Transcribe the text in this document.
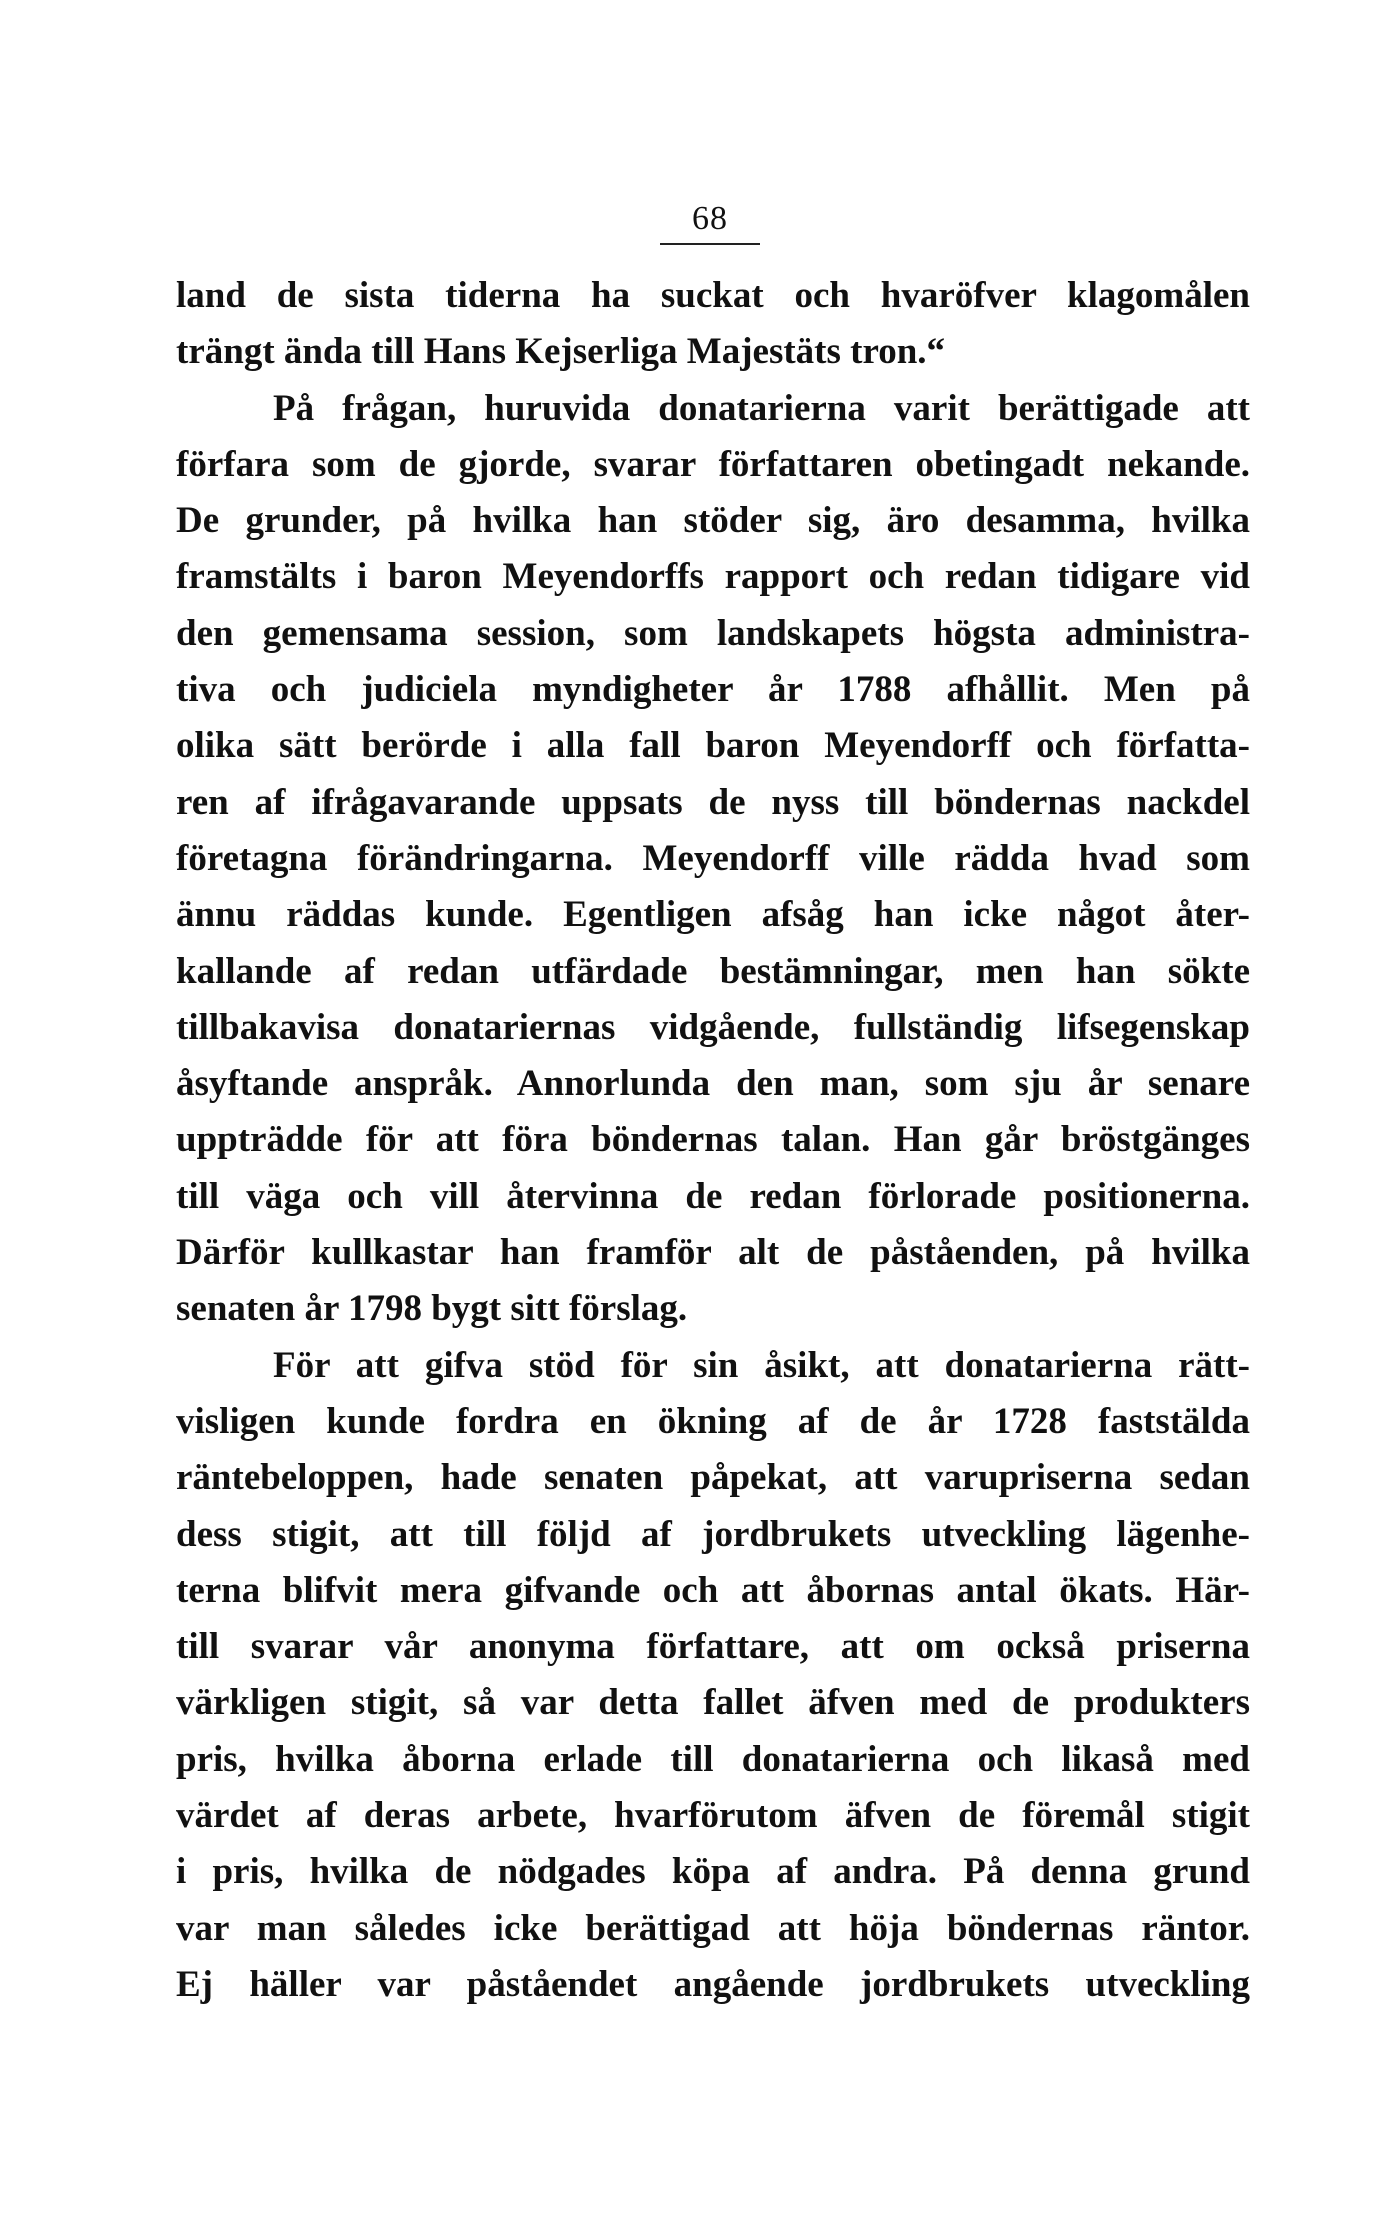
68
land de sista tiderna ha suckat och hvaröfver klagomålen
trängt ända till Hans Kejserliga Majestäts tron.“
På frågan, huruvida donatarierna varit berättigade att
förfara som de gjorde, svarar författaren obetingadt nekande.
De grunder, på hvilka han stöder sig, äro desamma, hvilka
framstälts i baron Meyendorffs rapport och redan tidigare vid
den gemensama session, som landskapets högsta administra-
tiva och judiciela myndigheter år 1788 afhållit. Men på
olika sätt berörde i alla fall baron Meyendorff och författa-
ren af ifrågavarande uppsats de nyss till böndernas nackdel
företagna förändringarna. Meyendorff ville rädda hvad som
ännu räddas kunde. Egentligen afsåg han icke något åter-
kallande af redan utfärdade bestämningar, men han sökte
tillbakavisa donatariernas vidgående, fullständig lifsegenskap
åsyftande anspråk. Annorlunda den man, som sju år senare
uppträdde för att föra böndernas talan. Han går bröstgänges
till väga och vill återvinna de redan förlorade positionerna.
Därför kullkastar han framför alt de påståenden, på hvilka
senaten år 1798 bygt sitt förslag.
För att gifva stöd för sin åsikt, att donatarierna rätt-
visligen kunde fordra en ökning af de år 1728 faststälda
räntebeloppen, hade senaten påpekat, att varupriserna sedan
dess stigit, att till följd af jordbrukets utveckling lägenhe-
terna blifvit mera gifvande och att åbornas antal ökats. Här-
till svarar vår anonyma författare, att om också priserna
värkligen stigit, så var detta fallet äfven med de produkters
pris, hvilka åborna erlade till donatarierna och likaså med
värdet af deras arbete, hvarförutom äfven de föremål stigit
i pris, hvilka de nödgades köpa af andra. På denna grund
var man således icke berättigad att höja böndernas räntor.
Ej häller var påståendet angående jordbrukets utveckling
